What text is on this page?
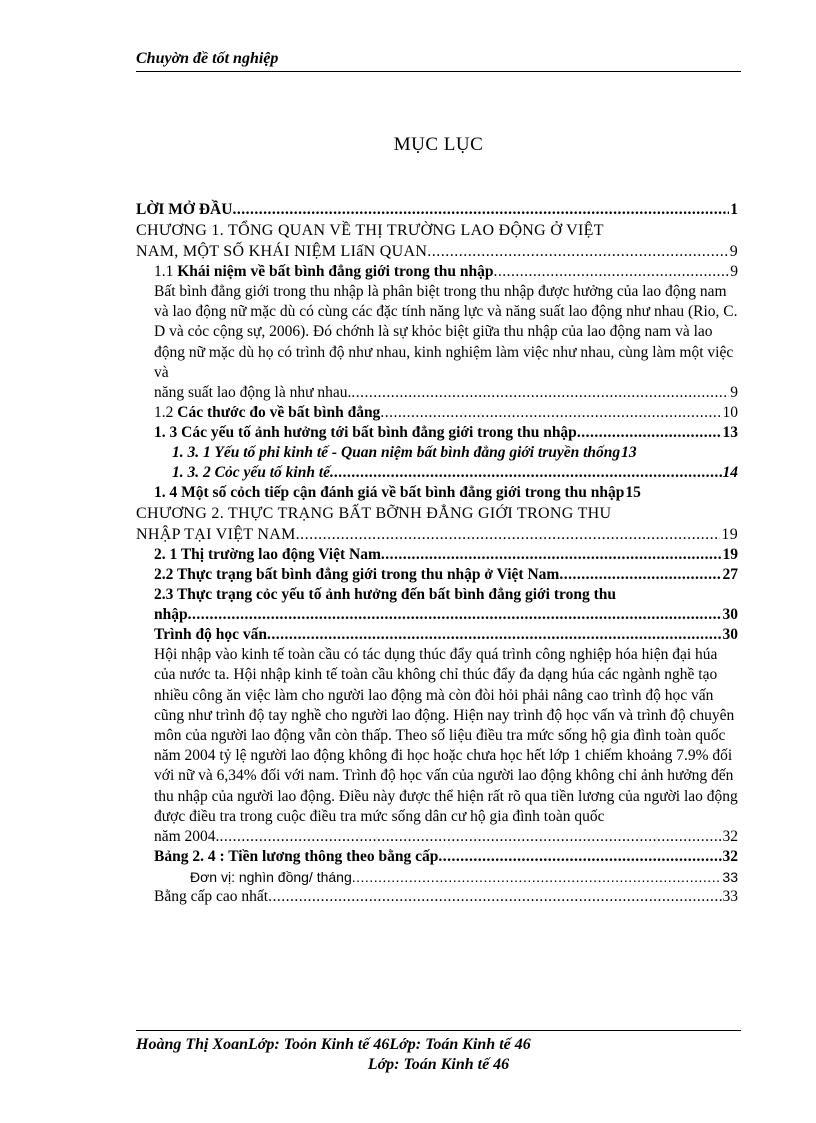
Chuyờn đề tốt nghiệp
MỤC LỤC
LỜI MỞ ĐẦU .....	1
CHƯƠNG 1. TỔNG QUAN VỀ THỊ TRƯỜNG LAO ĐỘNG Ở VIỆT
NAM, MỘT SỐ KHÁI NIỆM LIấN QUAN .....	9
1.1 Khái niệm về bất bình đẳng giới trong thu nhập .....	9
Bất bình đẳng giới trong thu nhập là phân biệt trong thu nhập được hưởng của lao động nam và lao động nữ mặc dù có cùng các đặc tính năng lực và năng suất lao động như nhau (Rio, C. D và cỏc cộng sự, 2006). Đó chớnh là sự khỏc biệt giữa thu nhập của lao động nam và lao động nữ mặc dù họ có trình độ như nhau, kinh nghiệm làm việc như nhau, cùng làm một việc và
năng suất lao động là như nhau. .....	9
1.2 Các thước đo về bất bình đẳng .....	10
1. 3 Các yếu tố ảnh hưởng tới bất bình đẳng giới trong thu nhập .....	13
1. 3. 1 Yếu tố phi kinh tế - Quan niệm bất bình đẳng giới truyền thống 13
1. 3. 2 Cỏc yếu tố kinh tế .....	14
1. 4 Một số cỏch tiếp cận đánh giá về bất bình đẳng giới trong thu nhập 15
CHƯƠNG 2. THỰC TRẠNG BẤT BỠNH ĐẲNG GIỚI TRONG THU
NHẬP TẠI VIỆT NAM .....	19
2. 1 Thị trường lao động Việt Nam .....	19
2.2 Thực trạng bất bình đẳng giới trong thu nhập ở Việt Nam .....	27
2.3 Thực trạng cỏc yếu tố ảnh hưởng đến bất bình đẳng giới trong thu
nhập .....	30
Trình độ học vấn .....	30
Hội nhập vào kinh tế toàn cầu có tác dụng thúc đẩy quá trình công nghiệp hóa hiện đại húa của nước ta. Hội nhập kinh tế toàn cầu không chỉ thúc đẩy đa dạng húa các ngành nghề tạo nhiều công ăn việc làm cho người lao động mà còn đòi hỏi phải nâng cao trình độ học vấn cũng như trình độ tay nghề cho người lao động. Hiện nay trình độ học vấn và trình độ chuyên môn của người lao động vẫn còn thấp. Theo số liệu điều tra mức sống hộ gia đình toàn quốc năm 2004 tỷ lệ người lao động không đi học hoặc chưa học hết lớp 1 chiếm khoảng 7.9% đối với nữ và 6,34% đối với nam. Trình độ học vấn của người lao động không chỉ ảnh hưởng đến thu nhập của người lao động. Điều này được thể hiện rất rõ qua tiền lương của người lao động được điều tra trong cuộc điều tra mức sống dân cư hộ gia đình toàn quốc
năm 2004. .....	32
Bảng 2. 4 : Tiền lương thông theo bằng cấp .....	32
Đơn vị: nghìn đồng/ tháng .....	33
Bằng cấp cao nhất .....	33
Hoàng Thị XoanLớp: Toỏn Kinh tế 46Lớp: Toán Kinh tế 46
Lớp: Toán Kinh tế 46
